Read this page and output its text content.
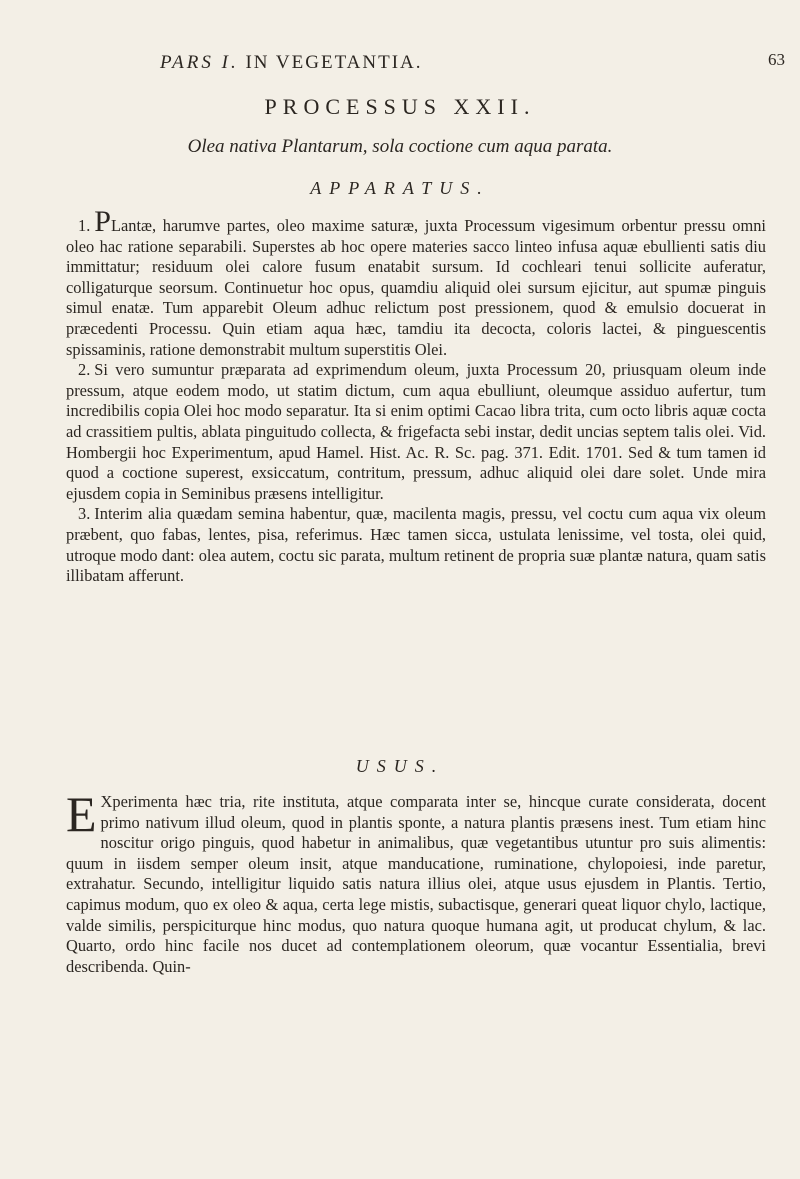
PARS I. IN VEGETANTIA.	63
PROCESSUS XXII.
Olea nativa Plantarum, sola coctione cum aqua parata.
APPARATUS.

1. PLantæ, harumve partes, oleo maxime saturæ, juxta Processum vigesimum orbentur pressu omni oleo hac ratione separabili. Superstes ab hoc opere materies sacco linteo infusa aquæ ebullienti satis diu immittatur; residuum olei calore fusum enatabit sursum. Id cochleari tenui sollicite auferatur, colligaturque seorsum. Continuetur hoc opus, quamdiu aliquid olei sursum ejicitur, aut spumæ pinguis simul enatæ. Tum apparebit Oleum adhuc relictum post pressionem, quod & emulsio docuerat in præcedenti Processu. Quin etiam aqua hæc, tamdiu ita decocta, coloris lactei, & pinguescentis spissaminis, ratione demonstrabit multum superstitis Olei.

2. Si vero sumuntur præparata ad exprimendum oleum, juxta Processum 20, priusquam oleum inde pressum, atque eodem modo, ut statim dictum, cum aqua ebulliunt, oleumque assiduo aufertur, tum incredibilis copia Olei hoc modo separatur. Ita si enim optimi Cacao libra trita, cum octo libris aquæ cocta ad crassitiem pultis, ablata pinguitudo collecta, & frigefacta sebi instar, dedit uncias septem talis olei. Vid. Hombergii hoc Experimentum, apud Hamel. Hist. Ac. R. Sc. pag. 371. Edit. 1701. Sed & tum tamen id quod a coctione superest, exsiccatum, contritum, pressum, adhuc aliquid olei dare solet. Unde mira ejusdem copia in Seminibus præsens intelligitur.

3. Interim alia quædam semina habentur, quæ, macilenta magis, pressu, vel coctu cum aqua vix oleum præbent, quo fabas, lentes, pisa, referimus. Hæc tamen sicca, ustulata lenissime, vel tosta, olei quid, utroque modo dant: olea autem, coctu sic parata, multum retinent de propria suæ plantæ natura, quam satis illibatam afferunt.

USUS.

E Xperimenta hæc tria, rite instituta, atque comparata inter se, hincque curate considerata, docent primo nativum illud oleum, quod in plantis sponte, a natura plantis præsens inest. Tum etiam hinc noscitur origo pinguis, quod habetur in animalibus, quæ vegetantibus utuntur pro suis alimentis: quum in iisdem semper oleum insit, atque manducatione, ruminatione, chylopoiesi, inde paretur, extrahatur. Secundo, intelligitur liquido satis natura illius olei, atque usus ejusdem in Plantis. Tertio, capimus modum, quo ex oleo & aqua, certa lege mistis, subactisque, generari queat liquor chylo, lactique, valde similis, perspiciturque hinc modus, quo natura quoque humana agit, ut producat chylum, & lac. Quarto, ordo hinc facile nos ducet ad contemplationem oleorum, quæ vocantur Essentialia, brevi describenda. Quin-
